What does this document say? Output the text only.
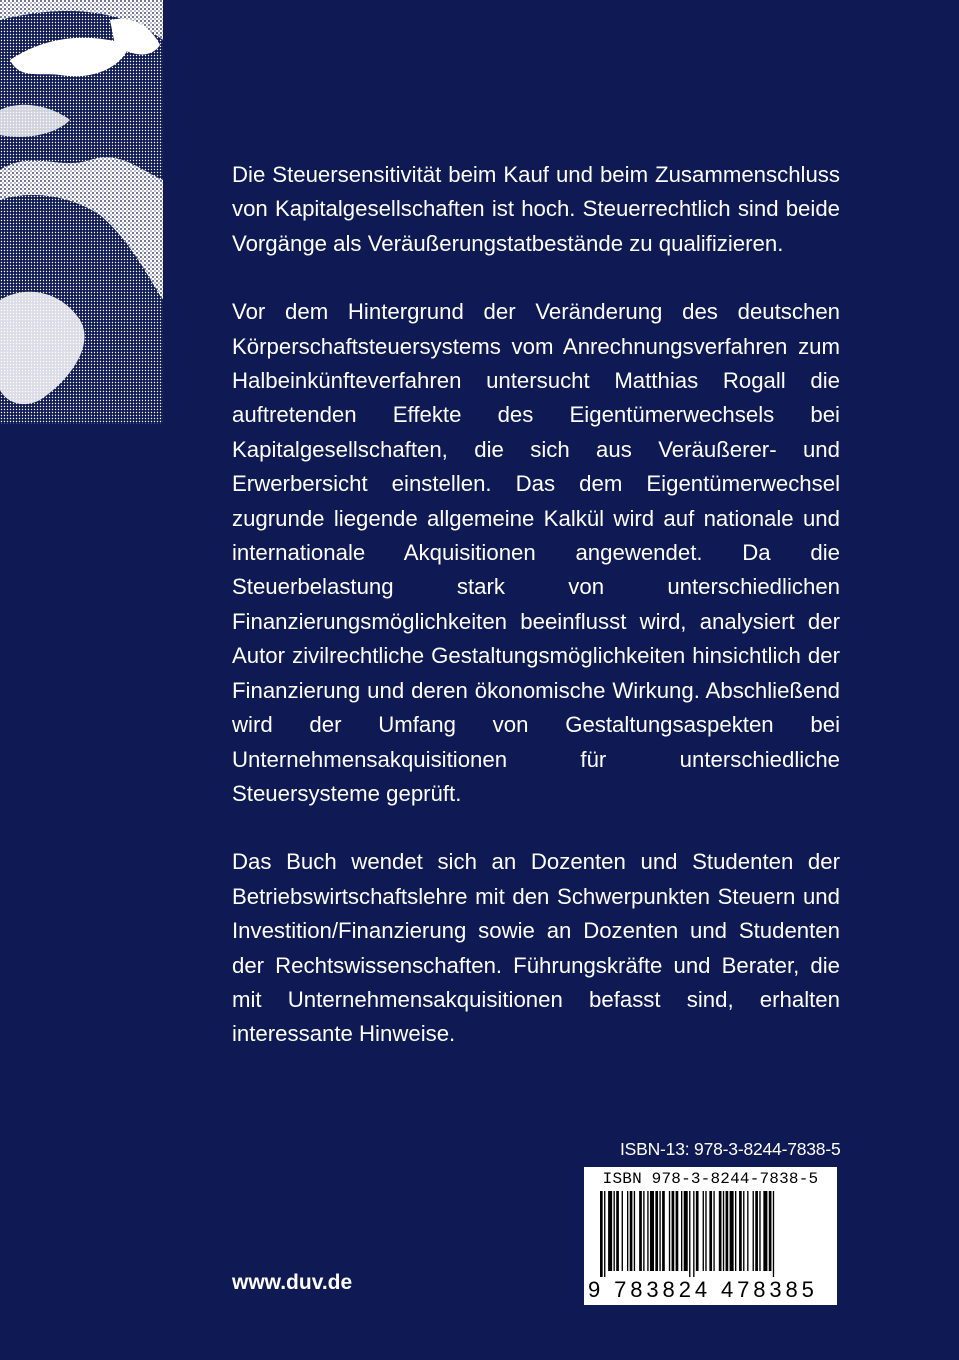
Die Steuersensitivität beim Kauf und beim Zusammenschluss von Kapitalgesellschaften ist hoch. Steuerrechtlich sind beide Vorgänge als Veräußerungstatbestände zu qualifizieren.

Vor dem Hintergrund der Veränderung des deutschen Körperschaftsteuersystems vom Anrechnungsverfahren zum Halbeinkünfteverfahren untersucht Matthias Rogall die auftretenden Effekte des Eigentümerwechsels bei Kapitalgesellschaften, die sich aus Veräußerer- und Erwerbersicht einstellen. Das dem Eigentümerwechsel zugrunde liegende allgemeine Kalkül wird auf nationale und internationale Akquisitionen angewendet. Da die Steuerbelastung stark von unterschiedlichen Finanzierungsmöglichkeiten beeinflusst wird, analysiert der Autor zivilrechtliche Gestaltungsmöglichkeiten hinsichtlich der Finanzierung und deren ökonomische Wirkung. Abschließend wird der Umfang von Gestaltungsaspekten bei Unternehmensakquisitionen für unterschiedliche Steuersysteme geprüft.

Das Buch wendet sich an Dozenten und Studenten der Betriebswirtschaftslehre mit den Schwerpunkten Steuern und Investition/Finanzierung sowie an Dozenten und Studenten der Rechtswissenschaften. Führungskräfte und Berater, die mit Unternehmensakquisitionen befasst sind, erhalten interessante Hinweise.

ISBN-13: 978-3-8244-7838-5
ISBN 978-3-8244-7838-5
9 783824 478385
www.duv.de
